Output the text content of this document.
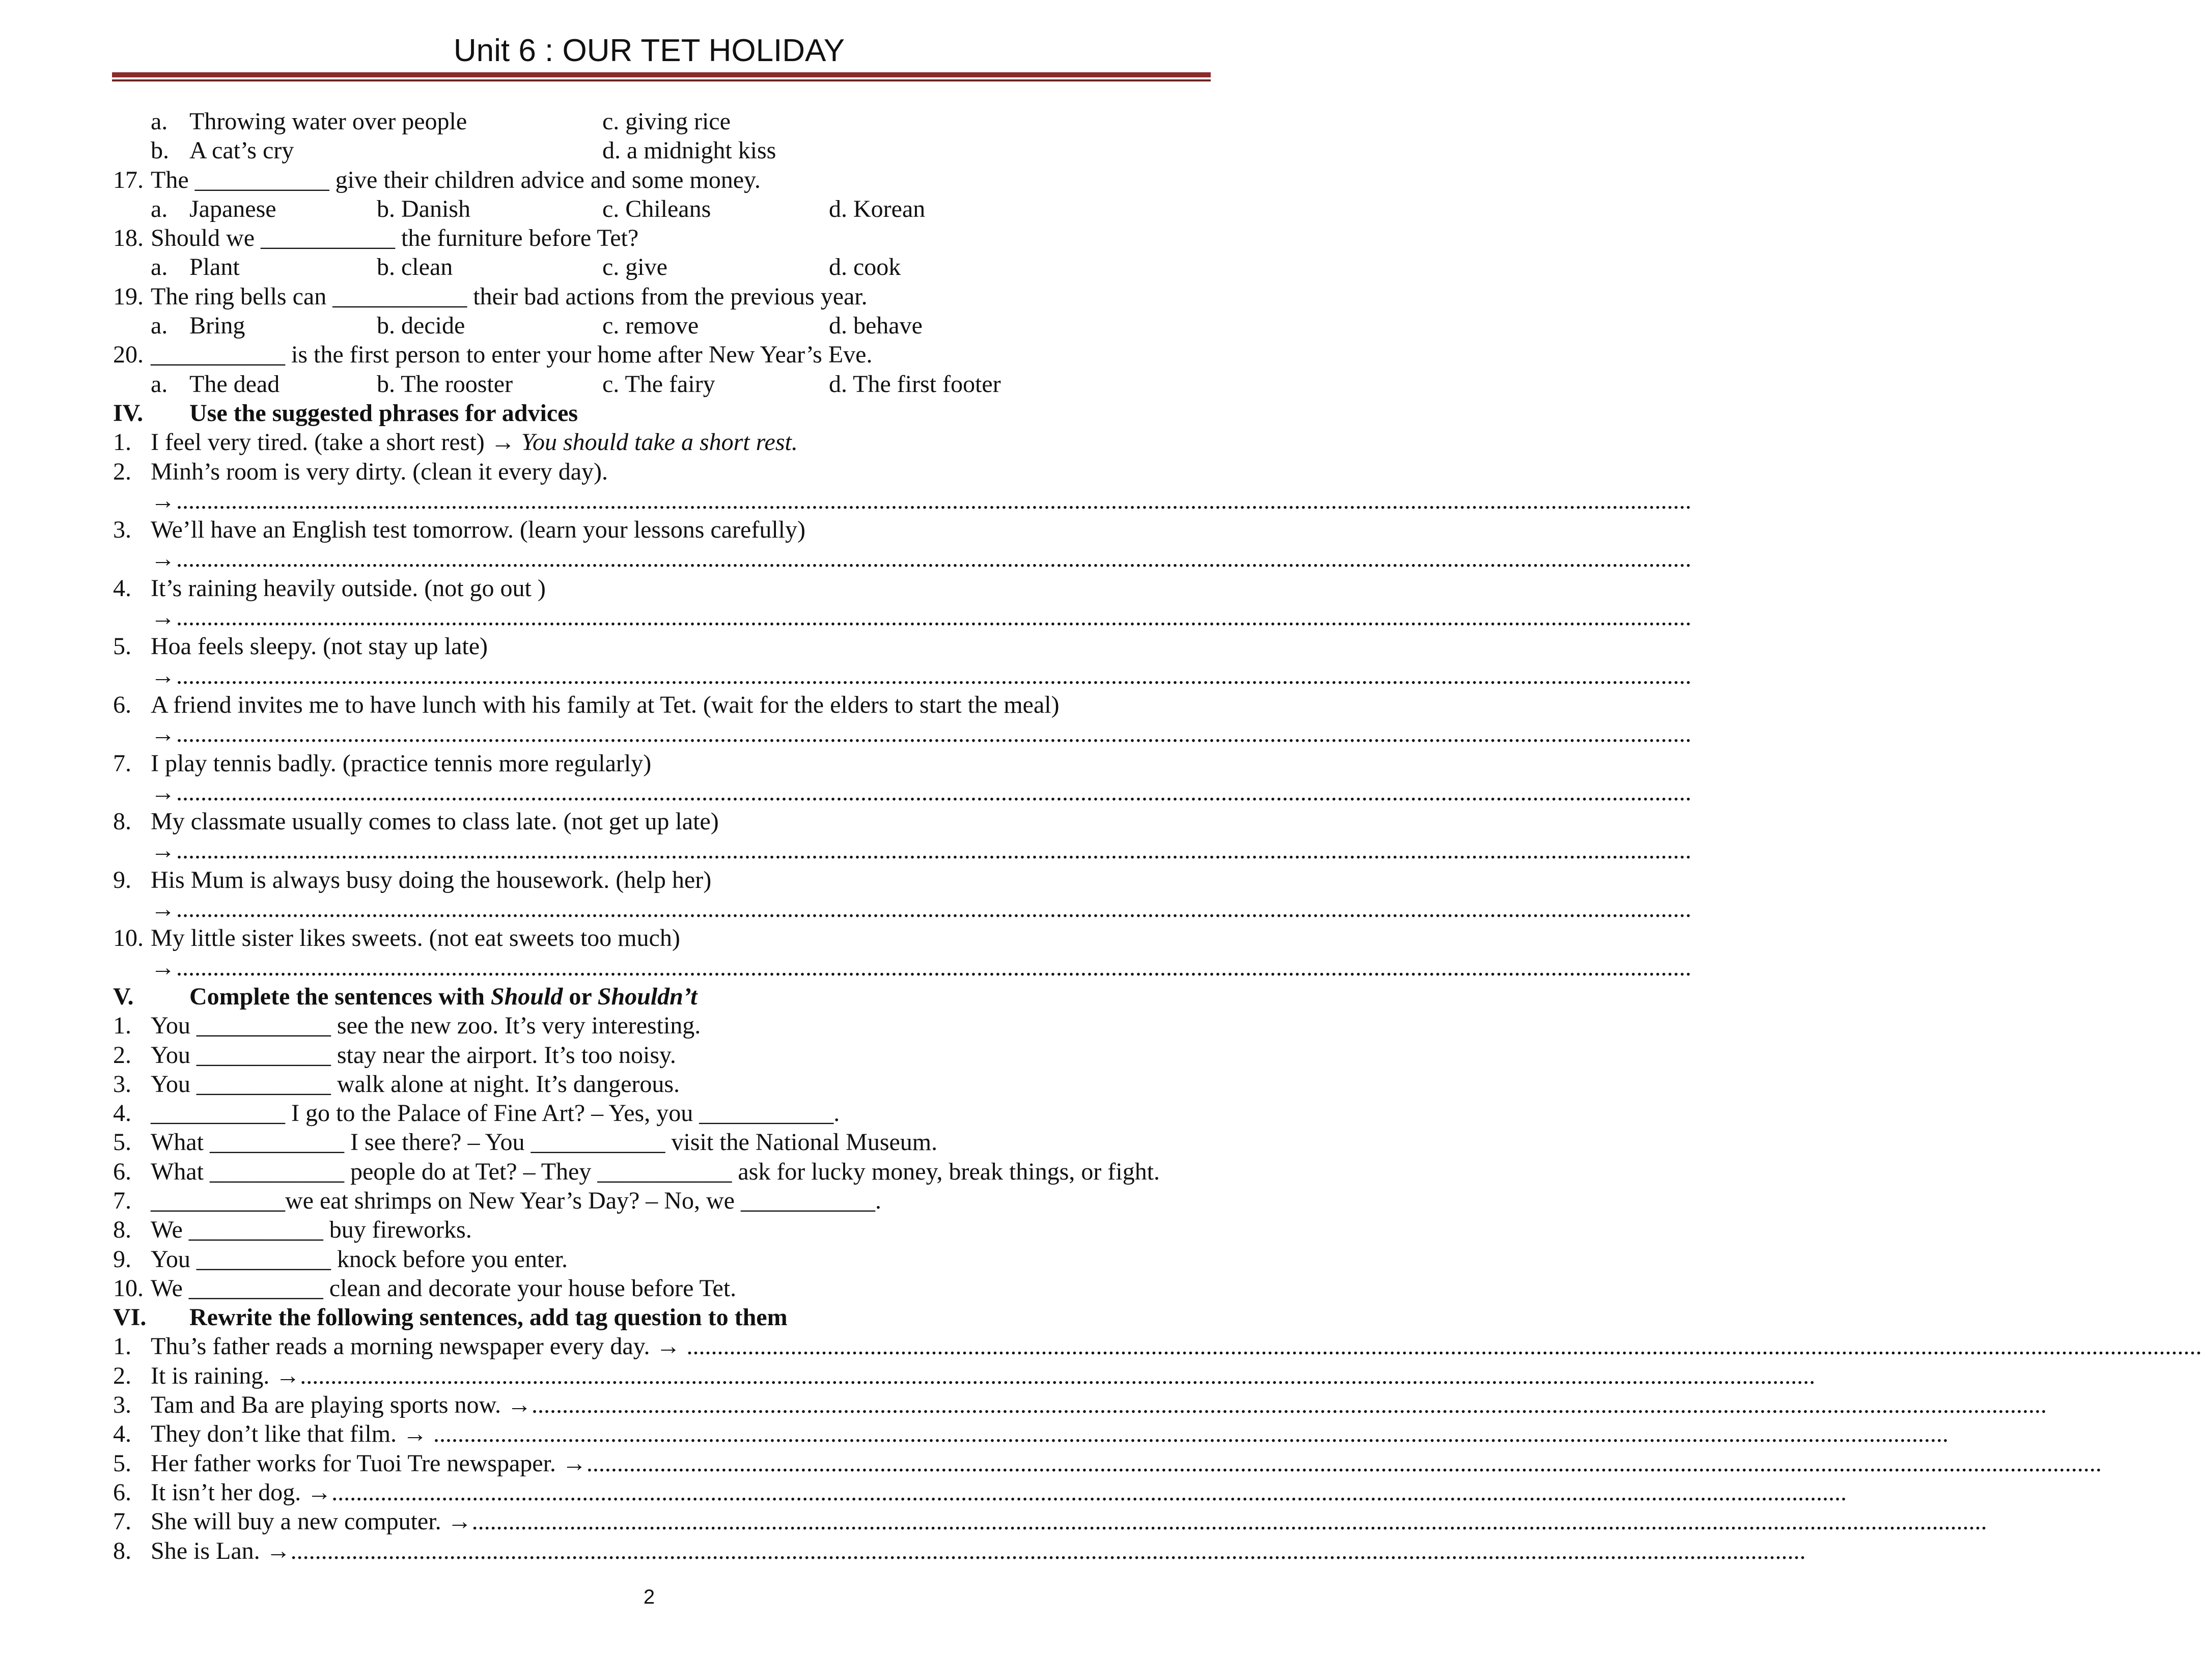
Unit 6 : OUR TET HOLIDAY
a. Throwing water over people	c. giving rice
b. A cat’s cry	d. a midnight kiss
17. The ___________ give their children advice and some money.
a. Japanese	b. Danish	c. Chileans	d. Korean
18. Should we ___________ the furniture before Tet?
a. Plant	b. clean	c. give	d. cook
19. The ring bells can ___________ their bad actions from the previous year.
a. Bring	b. decide	c. remove	d. behave
20. ___________ is the first person to enter your home after New Year’s Eve.
a. The dead	b. The rooster	c. The fairy	d. The first footer
IV. Use the suggested phrases for advices
1. I feel very tired. (take a short rest) → You should take a short rest.
2. Minh’s room is very dirty. (clean it every day).
→ ........................................................................................................................................................................................................................................................
3. We’ll have an English test tomorrow. (learn your lessons carefully)
→ ........................................................................................................................................................................................................................................................
4. It’s raining heavily outside. (not go out )
→ ........................................................................................................................................................................................................................................................
5. Hoa feels sleepy. (not stay up late)
→ ........................................................................................................................................................................................................................................................
6. A friend invites me to have lunch with his family at Tet. (wait for the elders to start the meal)
→ ........................................................................................................................................................................................................................................................
7. I play tennis badly. (practice tennis more regularly)
→ ........................................................................................................................................................................................................................................................
8. My classmate usually comes to class late. (not get up late)
→ ........................................................................................................................................................................................................................................................
9. His Mum is always busy doing the housework. (help her)
→ ........................................................................................................................................................................................................................................................
10. My little sister likes sweets. (not eat sweets too much)
→ ........................................................................................................................................................................................................................................................
V. Complete the sentences with Should or Shouldn’t
1. You ___________ see the new zoo. It’s very interesting.
2. You ___________ stay near the airport. It’s too noisy.
3. You ___________ walk alone at night. It’s dangerous.
4. ___________ I go to the Palace of Fine Art? – Yes, you ___________.
5. What ___________ I see there? – You ___________ visit the National Museum.
6. What ___________ people do at Tet? – They ___________ ask for lucky money, break things, or fight.
7. ___________we eat shrimps on New Year’s Day? – No, we ___________.
8. We ___________ buy fireworks.
9. You ___________ knock before you enter.
10. We ___________ clean and decorate your house before Tet.
VI. Rewrite the following sentences, add tag question to them
1. Thu’s father reads a morning newspaper every day. → ........................................................................................................................................................................................................................................................
2. It is raining. →........................................................................................................................................................................................................................................................
3. Tam and Ba are playing sports now. →........................................................................................................................................................................................................................................................
4. They don’t like that film. → ........................................................................................................................................................................................................................................................
5. Her father works for Tuoi Tre newspaper. →........................................................................................................................................................................................................................................................
6. It isn’t her dog. →........................................................................................................................................................................................................................................................
7. She will buy a new computer. →........................................................................................................................................................................................................................................................
8. She is Lan. →........................................................................................................................................................................................................................................................
2
